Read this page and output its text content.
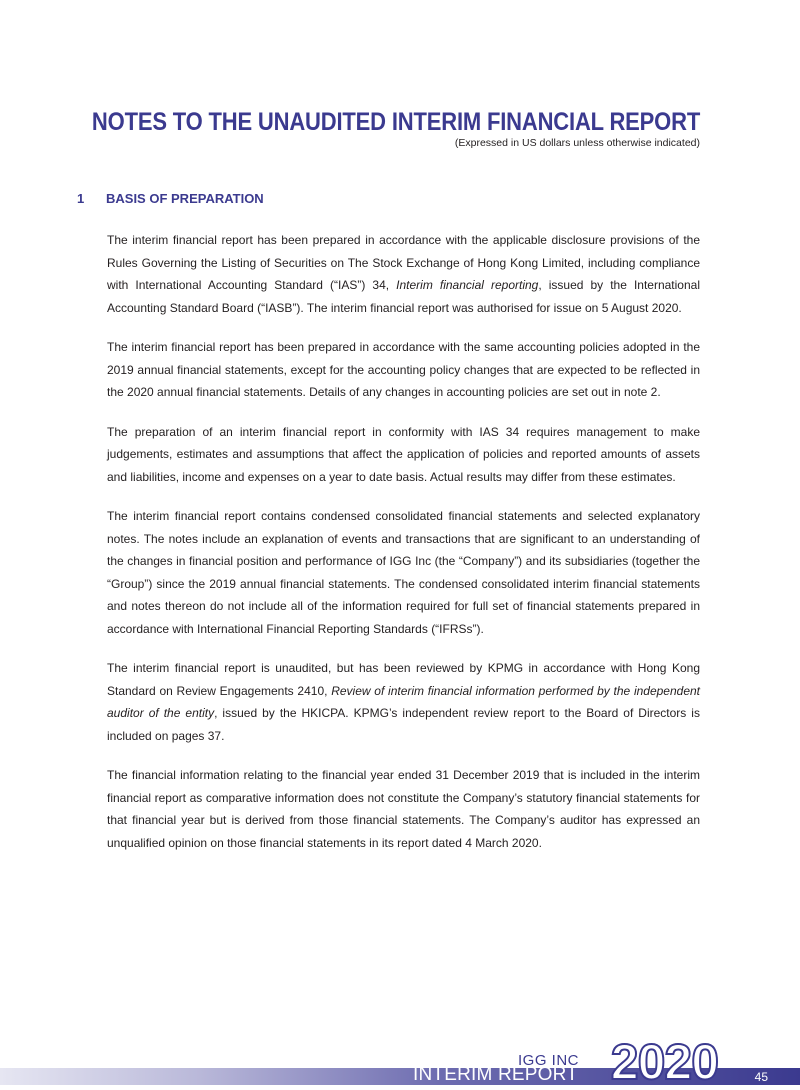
NOTES TO THE UNAUDITED INTERIM FINANCIAL REPORT
(Expressed in US dollars unless otherwise indicated)
1 BASIS OF PREPARATION

The interim financial report has been prepared in accordance with the applicable disclosure provisions of the Rules Governing the Listing of Securities on The Stock Exchange of Hong Kong Limited, including compliance with International Accounting Standard (“IAS”) 34, Interim financial reporting, issued by the International Accounting Standard Board (“IASB”). The interim financial report was authorised for issue on 5 August 2020.

The interim financial report has been prepared in accordance with the same accounting policies adopted in the 2019 annual financial statements, except for the accounting policy changes that are expected to be reflected in the 2020 annual financial statements. Details of any changes in accounting policies are set out in note 2.

The preparation of an interim financial report in conformity with IAS 34 requires management to make judgements, estimates and assumptions that affect the application of policies and reported amounts of assets and liabilities, income and expenses on a year to date basis. Actual results may differ from these estimates.

The interim financial report contains condensed consolidated financial statements and selected explanatory notes. The notes include an explanation of events and transactions that are significant to an understanding of the changes in financial position and performance of IGG Inc (the “Company”) and its subsidiaries (together the “Group”) since the 2019 annual financial statements. The condensed consolidated interim financial statements and notes thereon do not include all of the information required for full set of financial statements prepared in accordance with International Financial Reporting Standards (“IFRSs”).

The interim financial report is unaudited, but has been reviewed by KPMG in accordance with Hong Kong Standard on Review Engagements 2410, Review of interim financial information performed by the independent auditor of the entity, issued by the HKICPA. KPMG’s independent review report to the Board of Directors is included on pages 37.

The financial information relating to the financial year ended 31 December 2019 that is included in the interim financial report as comparative information does not constitute the Company’s statutory financial statements for that financial year but is derived from those financial statements. The Company’s auditor has expressed an unqualified opinion on those financial statements in its report dated 4 March 2020.

IGG INC
INTERIM REPORT 2020	45
